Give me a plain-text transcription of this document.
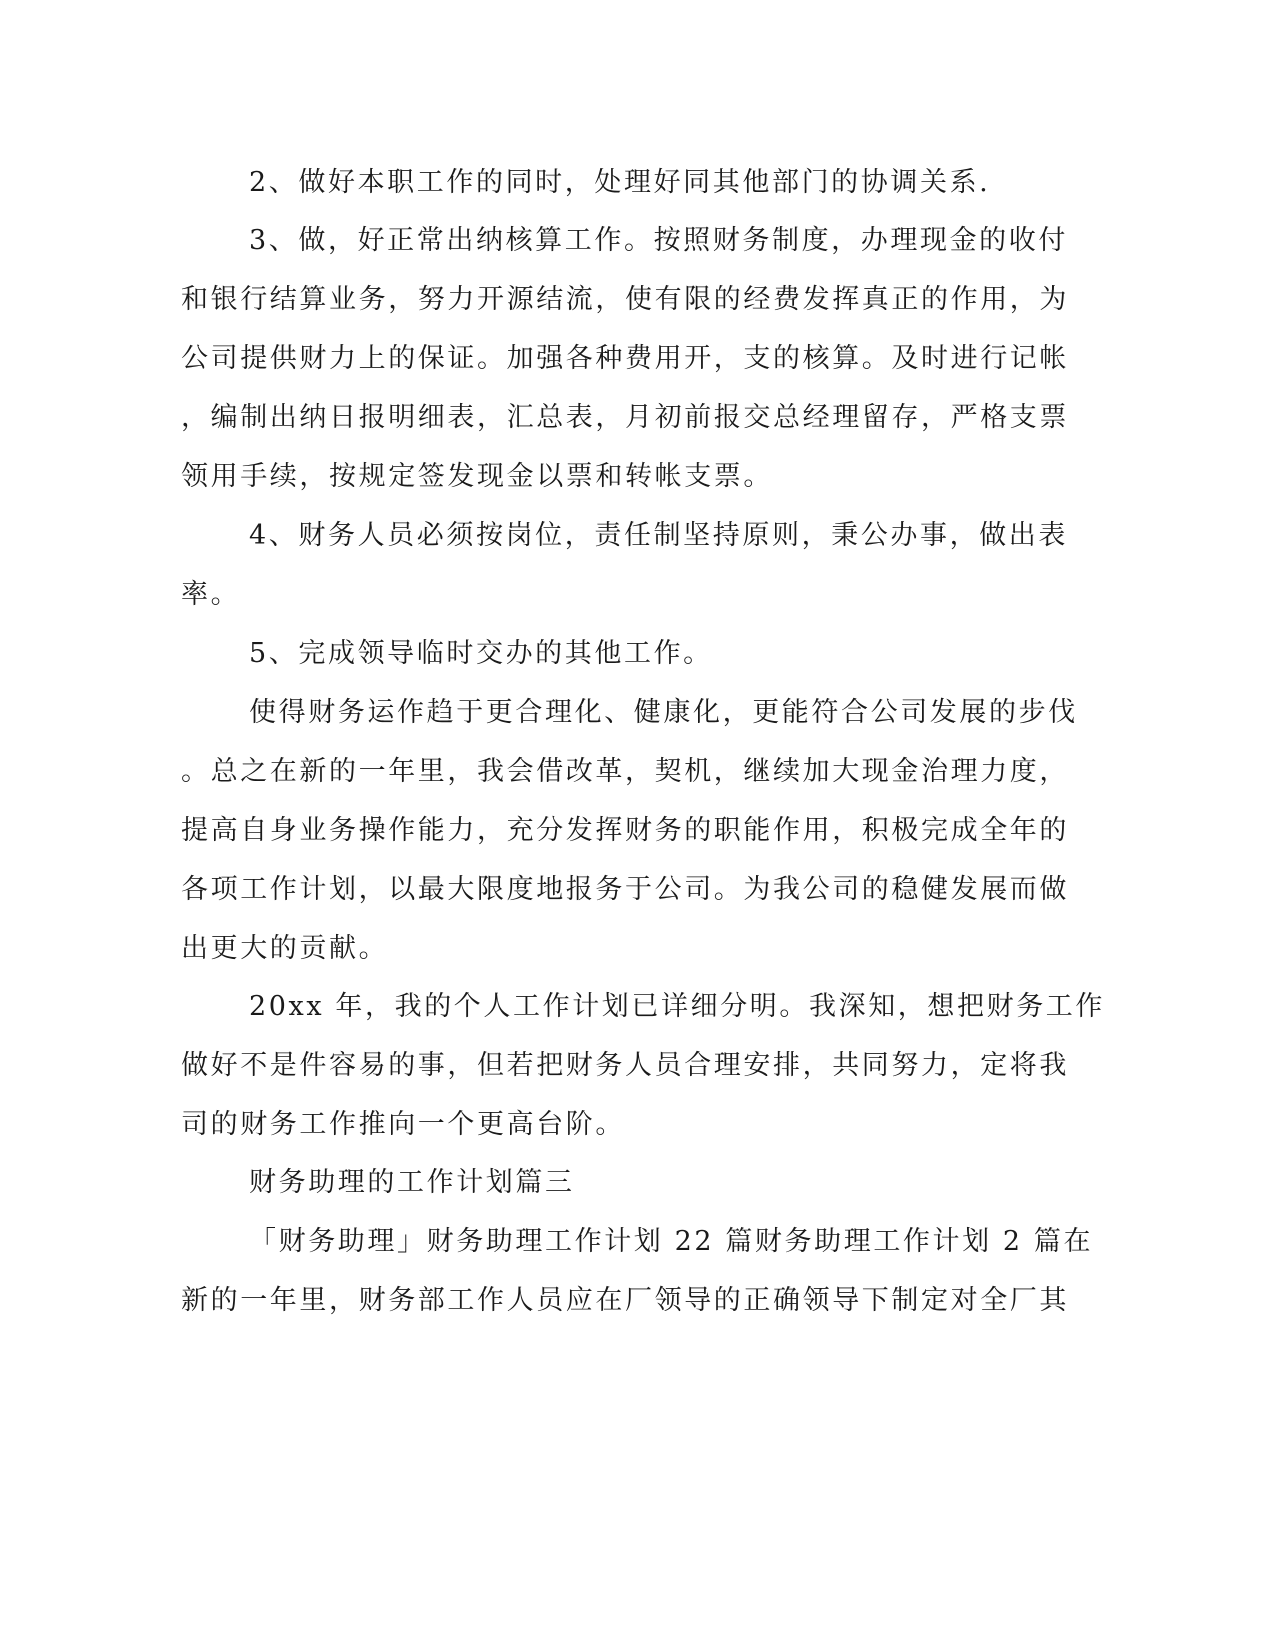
2、做好本职工作的同时，处理好同其他部门的协调关系.
3、做，好正常出纳核算工作。按照财务制度，办理现金的收付
和银行结算业务，努力开源结流，使有限的经费发挥真正的作用，为
公司提供财力上的保证。加强各种费用开，支的核算。及时进行记帐
，编制出纳日报明细表，汇总表，月初前报交总经理留存，严格支票
领用手续，按规定签发现金以票和转帐支票。
4、财务人员必须按岗位，责任制坚持原则，秉公办事，做出表
率。
5、完成领导临时交办的其他工作。
使得财务运作趋于更合理化、健康化，更能符合公司发展的步伐
。总之在新的一年里，我会借改革，契机，继续加大现金治理力度，
提高自身业务操作能力，充分发挥财务的职能作用，积极完成全年的
各项工作计划，以最大限度地报务于公司。为我公司的稳健发展而做
出更大的贡献。
20xx 年，我的个人工作计划已详细分明。我深知，想把财务工作
做好不是件容易的事，但若把财务人员合理安排，共同努力，定将我
司的财务工作推向一个更高台阶。
财务助理的工作计划篇三
「财务助理」财务助理工作计划 22 篇财务助理工作计划 2 篇在
新的一年里，财务部工作人员应在厂领导的正确领导下制定对全厂其
